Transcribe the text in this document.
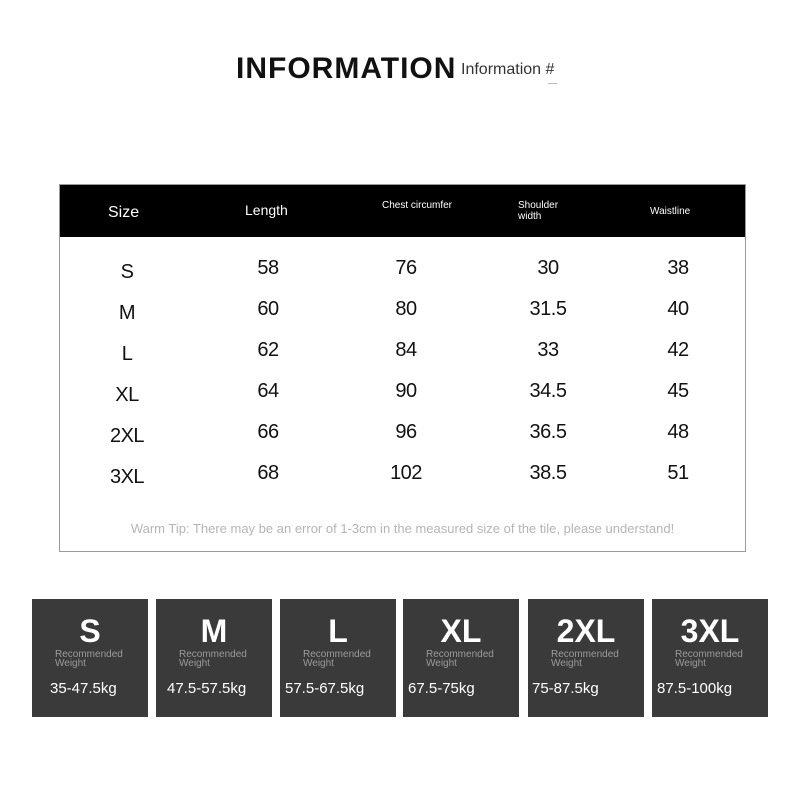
INFORMATION Information #
Size	Length	Chest circumfer	Shoulder width	Waistline
S	58	76	30	38
M	60	80	31.5	40
L	62	84	33	42
XL	64	90	34.5	45
2XL	66	96	36.5	48
3XL	68	102	38.5	51
Warm Tip: There may be an error of 1-3cm in the measured size of the tile, please understand!
S
Recommended Weight
35-47.5kg
M
Recommended Weight
47.5-57.5kg
L
Recommended Weight
57.5-67.5kg
XL
Recommended Weight
67.5-75kg
2XL
Recommended Weight
75-87.5kg
3XL
Recommended Weight
87.5-100kg
